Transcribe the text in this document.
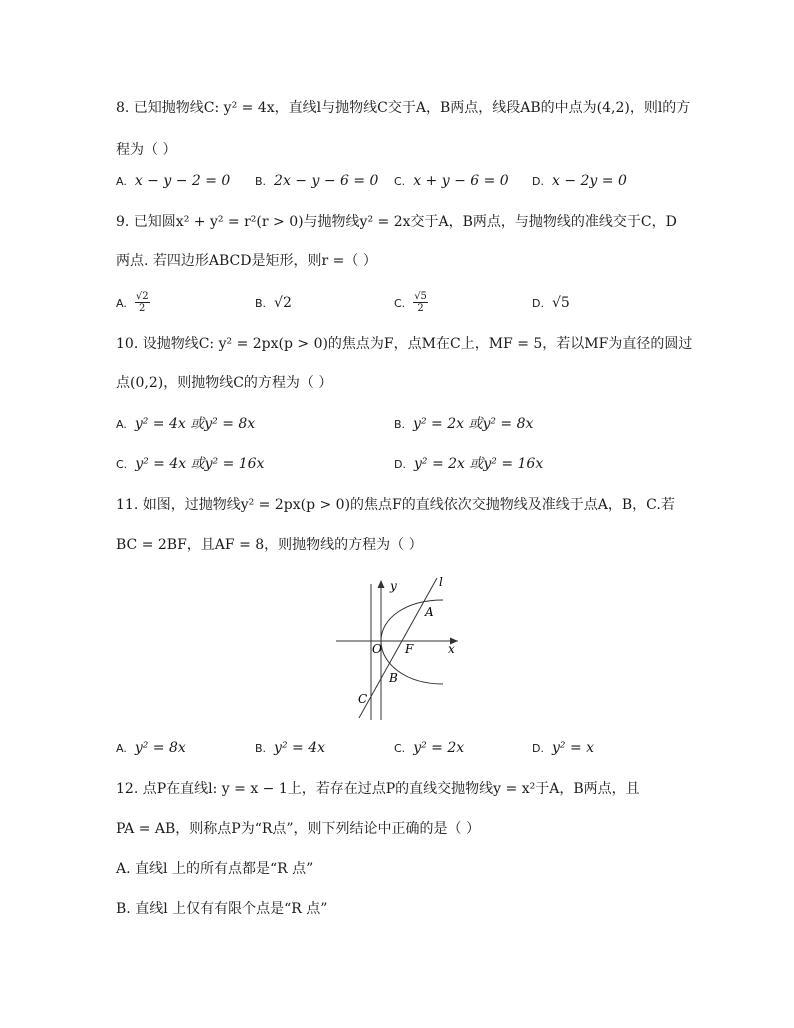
8. 已知抛物线C: y² = 4x，直线l与抛物线C交于A，B两点，线段AB的中点为(4,2)，则l的方
程为（ ）
A. x − y − 2 = 0 B. 2x − y − 6 = 0 C. x + y − 6 = 0 D. x − 2y = 0
9. 已知圆x² + y² = r²(r > 0)与抛物线y² = 2x交于A，B两点，与抛物线的准线交于C，D
两点. 若四边形ABCD是矩形，则r =（ ）
A. $\frac{√2}{2}$	B. √2	C. $\frac{√5}{2}$	D. √5
10. 设抛物线C: y² = 2px(p > 0)的焦点为F，点M在C上，MF = 5，若以MF为直径的圆过
点(0,2)，则抛物线C的方程为（ ）
A. y² = 4x 或y² = 8x	B. y² = 2x 或y² = 8x
C. y² = 4x 或y² = 16x	D. y² = 2x 或y² = 16x
11. 如图，过抛物线y² = 2px(p > 0)的焦点F的直线依次交抛物线及准线于点A，B，C.若
BC = 2BF，且AF = 8，则抛物线的方程为（ ）
y	l
A
O F	x
B
C
A. y² = 8x	B. y² = 4x	C. y² = 2x	D. y² = x
12. 点P在直线l: y = x − 1上，若存在过点P的直线交抛物线y = x²于A，B两点，且
PA = AB，则称点P为“R点”，则下列结论中正确的是（ ）
A. 直线l 上的所有点都是“R 点”
B. 直线l 上仅有有限个点是“R 点”
